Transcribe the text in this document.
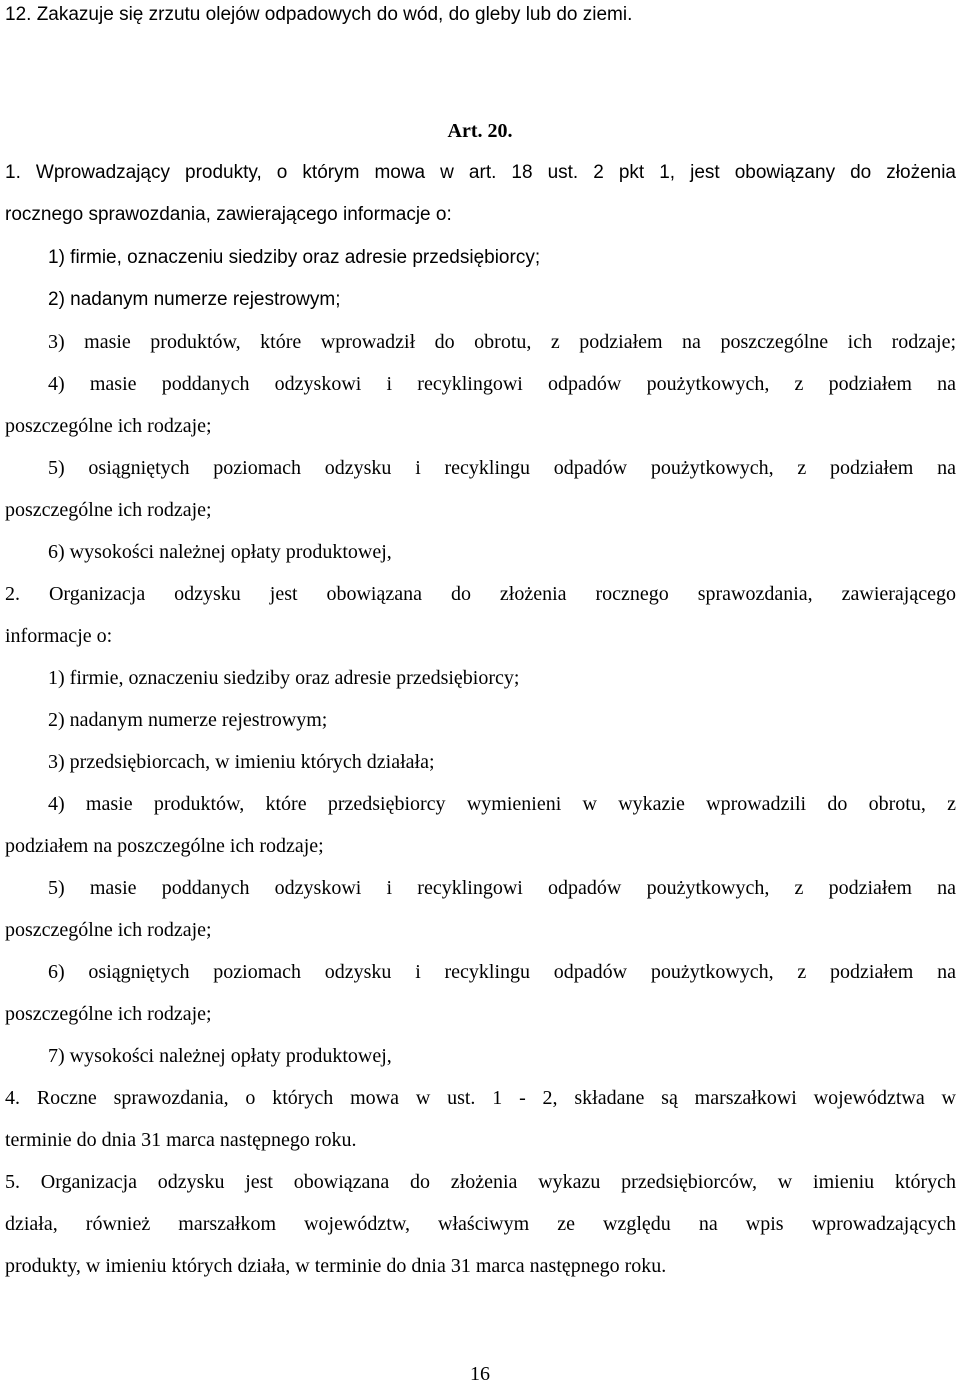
12. Zakazuje się zrzutu olejów odpadowych do wód, do gleby lub do ziemi.
Art. 20.
1. Wprowadzający produkty, o którym mowa w art. 18 ust. 2 pkt 1, jest obowiązany do złożenia
rocznego sprawozdania, zawierającego informacje o:
1) firmie, oznaczeniu siedziby oraz adresie przedsiębiorcy;
2) nadanym numerze rejestrowym;
3) masie produktów, które wprowadził do obrotu, z podziałem na poszczególne ich rodzaje;
4) masie poddanych odzyskowi i recyklingowi odpadów poużytkowych, z podziałem na
poszczególne ich rodzaje;
5) osiągniętych poziomach odzysku i recyklingu odpadów poużytkowych, z podziałem na
poszczególne ich rodzaje;
6) wysokości należnej opłaty produktowej,
2. Organizacja odzysku jest obowiązana do złożenia rocznego sprawozdania, zawierającego
informacje o:
1) firmie, oznaczeniu siedziby oraz adresie przedsiębiorcy;
2) nadanym numerze rejestrowym;
3) przedsiębiorcach, w imieniu których działała;
4) masie produktów, które przedsiębiorcy wymienieni w wykazie wprowadzili do obrotu, z
podziałem na poszczególne ich rodzaje;
5) masie poddanych odzyskowi i recyklingowi odpadów poużytkowych, z podziałem na
poszczególne ich rodzaje;
6) osiągniętych poziomach odzysku i recyklingu odpadów poużytkowych, z podziałem na
poszczególne ich rodzaje;
7) wysokości należnej opłaty produktowej,
4. Roczne sprawozdania, o których mowa w ust. 1 - 2, składane są marszałkowi województwa w
terminie do dnia 31 marca następnego roku.
5. Organizacja odzysku jest obowiązana do złożenia wykazu przedsiębiorców, w imieniu których
działa, również marszałkom województw, właściwym ze względu na wpis wprowadzających
produkty, w imieniu których działa, w terminie do dnia 31 marca następnego roku.
16
